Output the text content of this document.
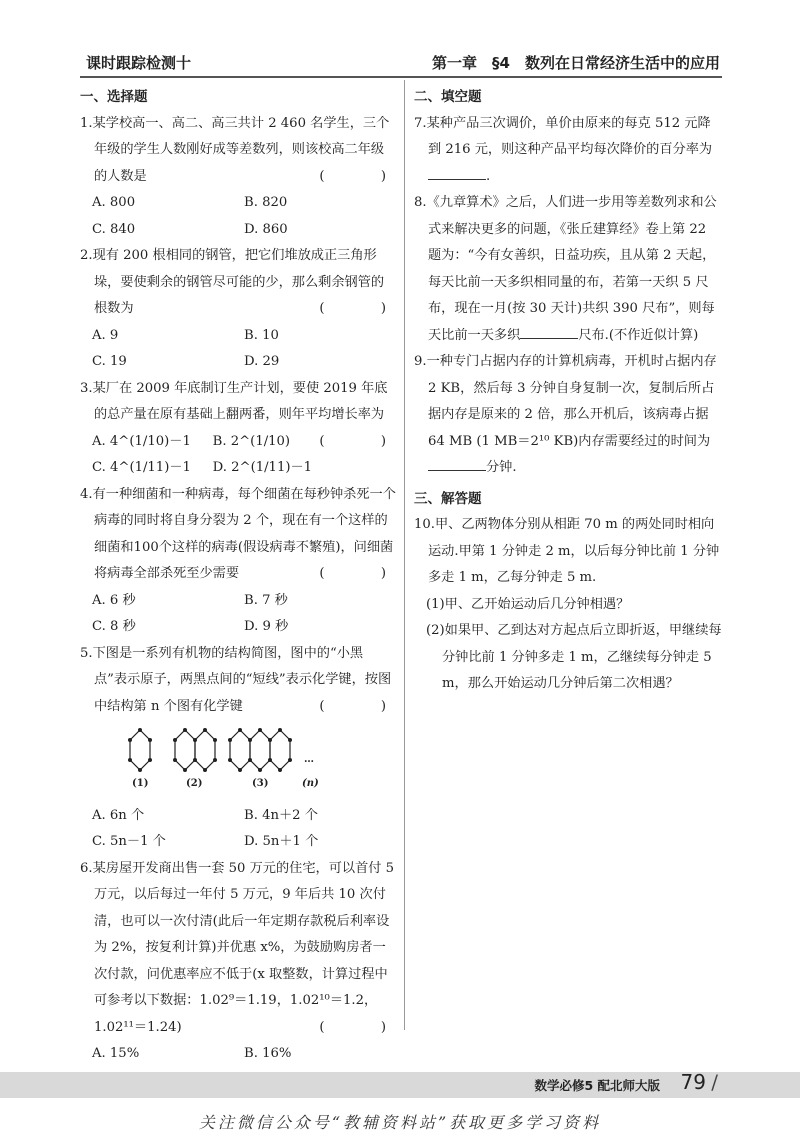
课时跟踪检测十	第一章　§4　数列在日常经济生活中的应用
一、选择题

1.某学校高一、高二、高三共计 2 460 名学生，三个年级的学生人数刚好成等差数列，则该校高二年级的人数是	(　　)

A. 800	B. 820
C. 840	D. 860

2.现有 200 根相同的钢管，把它们堆放成正三角形垛，要使剩余的钢管尽可能的少，那么剩余钢管的根数为	(　　)

A. 9	B. 10
C. 19	D. 29

3.某厂在 2009 年底制订生产计划，要使 2019 年底的总产量在原有基础上翻两番，则年平均增长率为
(　　)

A. 4^(1/10)－1	B. 2^(1/10)
C. 4^(1/11)－1	D. 2^(1/11)－1

4.有一种细菌和一种病毒，每个细菌在每秒钟杀死一个病毒的同时将自身分裂为 2 个，现在有一个这样的细菌和100个这样的病毒(假设病毒不繁殖)，问细菌将病毒全部杀死至少需要	(　　)

A. 6 秒	B. 7 秒
C. 8 秒	D. 9 秒

5.下图是一系列有机物的结构简图，图中的“小黑点”表示原子，两黑点间的“短线”表示化学键，按图中结构第 n 个图有化学键	(　　)

(1)	(2)	(3)
…
(n)
A. 6n 个	B. 4n＋2 个
C. 5n－1 个	D. 5n＋1 个

6.某房屋开发商出售一套 50 万元的住宅，可以首付 5 万元，以后每过一年付 5 万元，9 年后共 10 次付清，也可以一次付清(此后一年定期存款税后利率设为 2%，按复利计算)并优惠 x%，为鼓励购房者一次付款，问优惠率应不低于(x 取整数，计算过程中可参考以下数据：1.02⁹＝1.19，1.02¹⁰＝1.2，1.02¹¹＝1.24)	(　　)

A. 15%	B. 16%
二、填空题

7.某种产品三次调价，单价由原来的每克 512 元降到 216 元，则这种产品平均每次降价的百分率为.

8.《九章算术》之后，人们进一步用等差数列求和公式来解决更多的问题，《张丘建算经》卷上第 22 题为：“今有女善织，日益功疾，且从第 2 天起，每天比前一天多织相同量的布，若第一天织 5 尺布，现在一月(按 30 天计)共织 390 尺布”，则每天比前一天多织	尺布.(不作近似计算)

9.一种专门占据内存的计算机病毒，开机时占据内存 2 KB，然后每 3 分钟自身复制一次，复制后所占据内存是原来的 2 倍，那么开机后，该病毒占据 64 MB (1 MB＝2¹⁰ KB)内存需要经过的时间为分钟.

三、解答题

10.甲、乙两物体分别从相距 70 m 的两处同时相向运动.甲第 1 分钟走 2 m，以后每分钟比前 1 分钟多走 1 m，乙每分钟走 5 m.

(1)甲、乙开始运动后几分钟相遇？

(2)如果甲、乙到达对方起点后立即折返，甲继续每分钟比前 1 分钟多走 1 m，乙继续每分钟走 5 m，那么开始运动几分钟后第二次相遇？

数学必修5 配北师大版 79 /
关注微信公众号“教辅资料站”获取更多学习资料
